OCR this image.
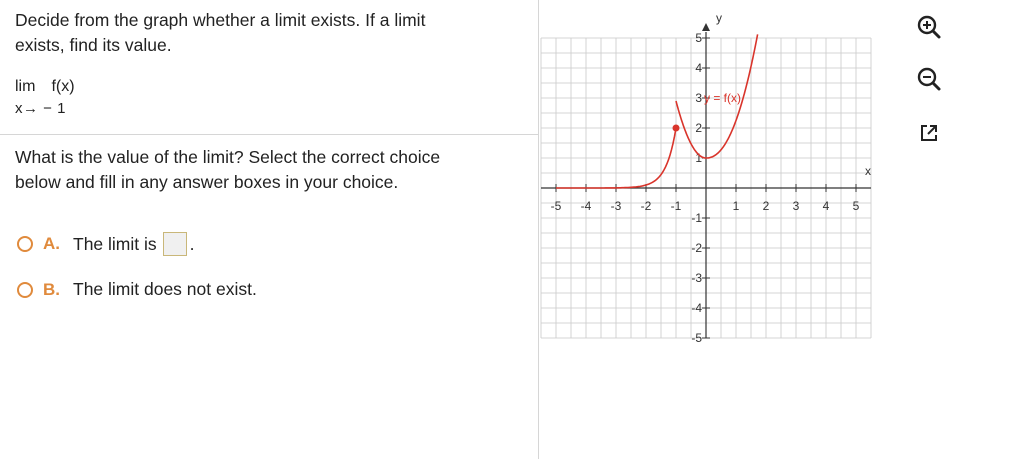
Decide from the graph whether a limit exists. If a limit
exists, find its value.
lim f(x)
x→ − 1
What is the value of the limit? Select the correct choice
below and fill in any answer boxes in your choice.
A. The limit is .
B. The limit does not exist.
-5 -4 -3 -2 -1	1 2 3 4 5
5
4
3
2
1
-1
-2
-3
-4
-5
x
y
y = f(x)
